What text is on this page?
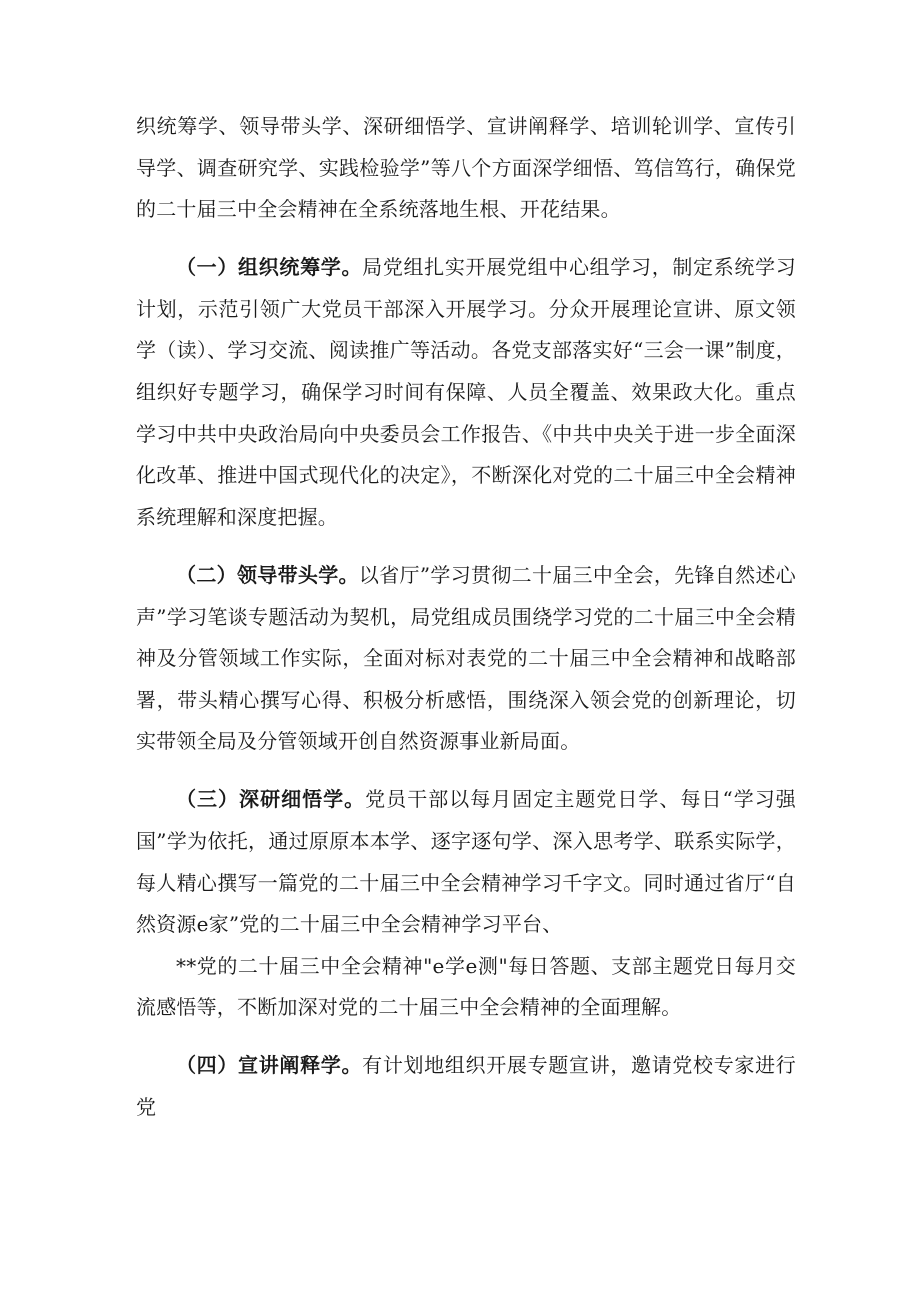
织统筹学、领导带头学、深研细悟学、宣讲阐释学、培训轮训学、宣传引导学、调查研究学、实践检验学”等八个方面深学细悟、笃信笃行，确保党的二十届三中全会精神在全系统落地生根、开花结果。

（一）组织统筹学。局党组扎实开展党组中心组学习，制定系统学习计划，示范引领广大党员干部深入开展学习。分众开展理论宣讲、原文领学（读）、学习交流、阅读推广等活动。各党支部落实好“三会一课”制度，组织好专题学习，确保学习时间有保障、人员全覆盖、效果政大化。重点学习中共中央政治局向中央委员会工作报告、《中共中央关于进一步全面深化改革、推进中国式现代化的决定》，不断深化对党的二十届三中全会精神系统理解和深度把握。

（二）领导带头学。以省厅”学习贯彻二十届三中全会，先锋自然述心声”学习笔谈专题活动为契机，局党组成员围绕学习党的二十届三中全会精神及分管领域工作实际，全面对标对表党的二十届三中全会精神和战略部署，带头精心撰写心得、积极分析感悟，围绕深入领会党的创新理论，切实带领全局及分管领域开创自然资源事业新局面。

（三）深研细悟学。党员干部以每月固定主题党日学、每日“学习强国”学为依托，通过原原本本学、逐字逐句学、深入思考学、联系实际学，每人精心撰写一篇党的二十届三中全会精神学习千字文。同时通过省厅“自然资源e家”党的二十届三中全会精神学习平台、
**党的二十届三中全会精神"e学e测"每日答题、支部主题党日每月交流感悟等，不断加深对党的二十届三中全会精神的全面理解。

（四）宣讲阐释学。有计划地组织开展专题宣讲，邀请党校专家进行党
